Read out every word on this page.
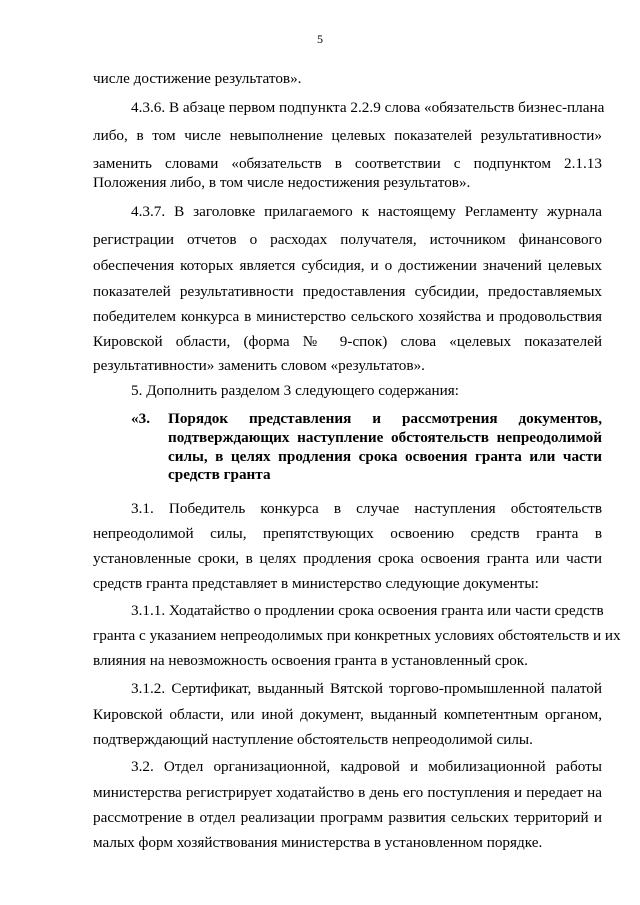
5
числе достижение результатов».
4.3.6. В абзаце первом подпункта 2.2.9 слова «обязательств бизнес-плана
либо, в том числе невыполнение целевых показателей результативности»
заменить словами «обязательств в соответствии с подпунктом 2.1.13
Положения либо, в том числе недостижения результатов».
4.3.7. В заголовке прилагаемого к настоящему Регламенту журнала
регистрации отчетов о расходах получателя, источником финансового
обеспечения которых является субсидия, и о достижении значений целевых
показателей результативности предоставления субсидии, предоставляемых
победителем конкурса в министерство сельского хозяйства и продовольствия
Кировской области, (форма № 9-спок) слова «целевых показателей
результативности» заменить словом «результатов».
5. Дополнить разделом 3 следующего содержания:
«3. Порядок представления и рассмотрения документов,
подтверждающих наступление обстоятельств непреодолимой
силы, в целях продления срока освоения гранта или части
средств гранта
3.1. Победитель конкурса в случае наступления обстоятельств
непреодолимой силы, препятствующих освоению средств гранта в
установленные сроки, в целях продления срока освоения гранта или части
средств гранта представляет в министерство следующие документы:
3.1.1. Ходатайство о продлении срока освоения гранта или части средств
гранта с указанием непреодолимых при конкретных условиях обстоятельств и их
влияния на невозможность освоения гранта в установленный срок.
3.1.2. Сертификат, выданный Вятской торгово-промышленной палатой
Кировской области, или иной документ, выданный компетентным органом,
подтверждающий наступление обстоятельств непреодолимой силы.
3.2. Отдел организационной, кадровой и мобилизационной работы
министерства регистрирует ходатайство в день его поступления и передает на
рассмотрение в отдел реализации программ развития сельских территорий и
малых форм хозяйствования министерства в установленном порядке.
